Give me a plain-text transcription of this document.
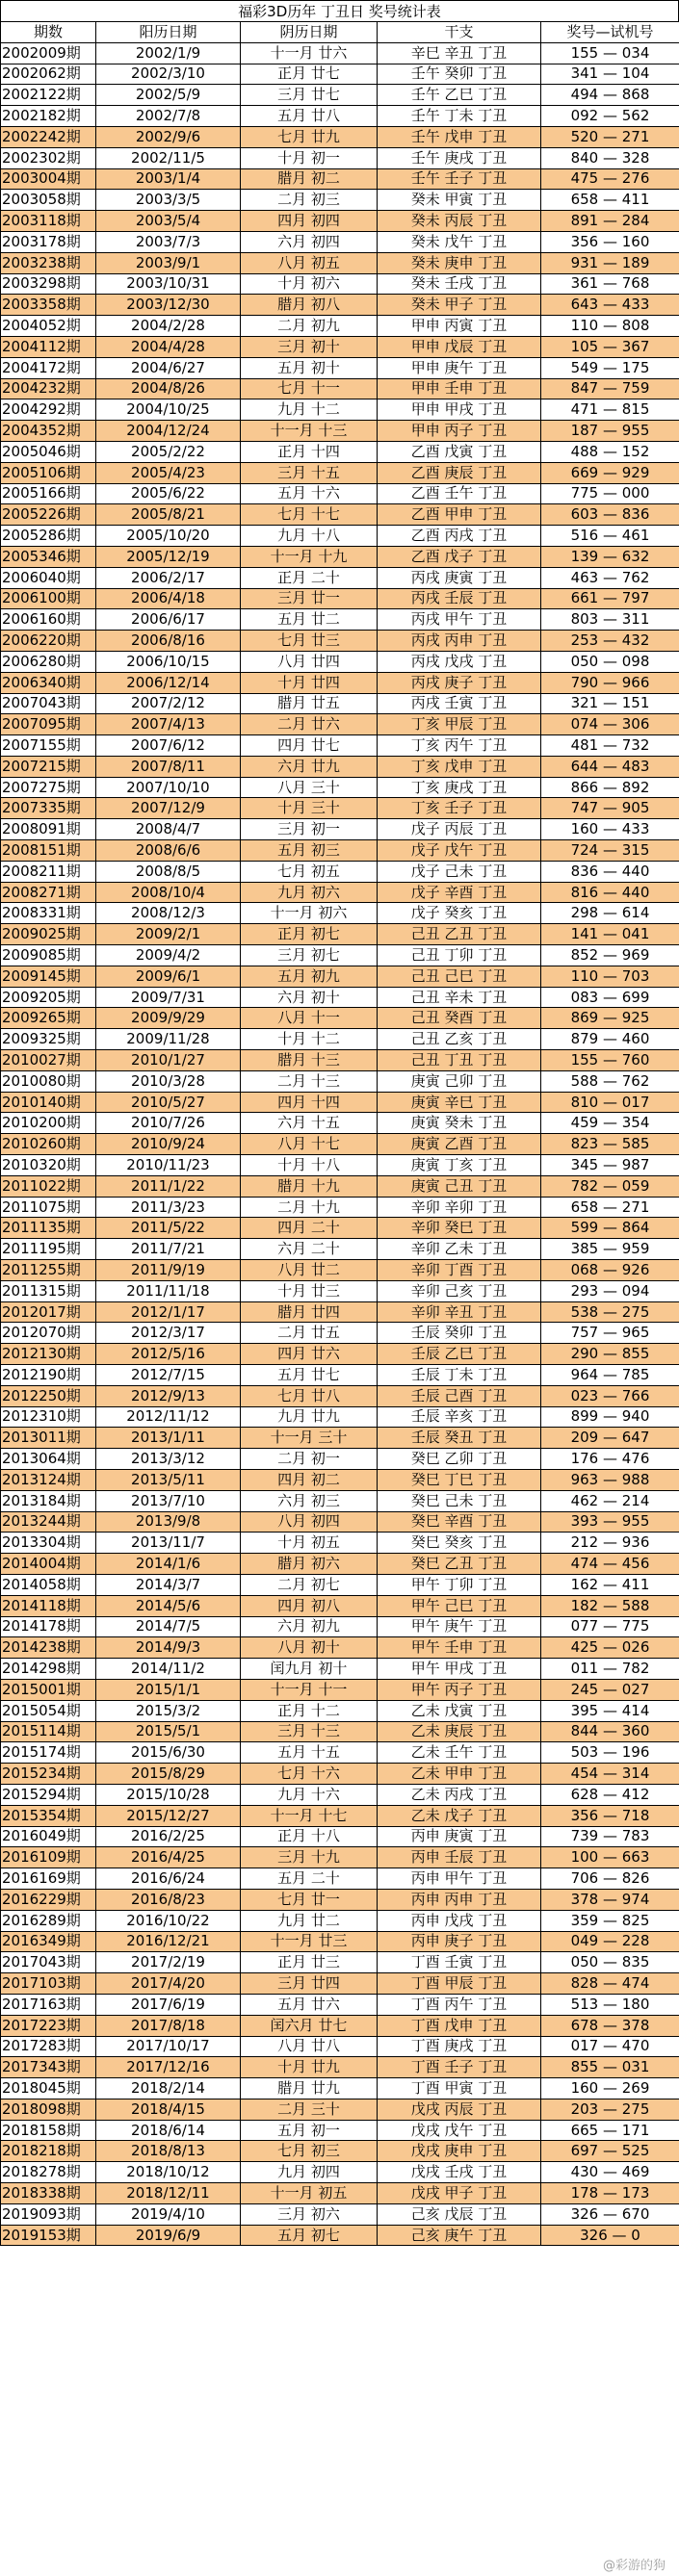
福彩3D历年 丁丑日 奖号统计表
期数	阳历日期	阴历日期	干支	奖号—试机号
2002009期	2002/1/9	十一月 廿六	辛巳 辛丑 丁丑	155 — 034
2002062期	2002/3/10	正月 廿七	壬午 癸卯 丁丑	341 — 104
2002122期	2002/5/9	三月 廿七	壬午 乙巳 丁丑	494 — 868
2002182期	2002/7/8	五月 廿八	壬午 丁未 丁丑	092 — 562
2002242期	2002/9/6	七月 廿九	壬午 戊申 丁丑	520 — 271
2002302期	2002/11/5	十月 初一	壬午 庚戌 丁丑	840 — 328
2003004期	2003/1/4	腊月 初二	壬午 壬子 丁丑	475 — 276
2003058期	2003/3/5	二月 初三	癸未 甲寅 丁丑	658 — 411
2003118期	2003/5/4	四月 初四	癸未 丙辰 丁丑	891 — 284
2003178期	2003/7/3	六月 初四	癸未 戊午 丁丑	356 — 160
2003238期	2003/9/1	八月 初五	癸未 庚申 丁丑	931 — 189
2003298期	2003/10/31	十月 初六	癸未 壬戌 丁丑	361 — 768
2003358期	2003/12/30	腊月 初八	癸未 甲子 丁丑	643 — 433
2004052期	2004/2/28	二月 初九	甲申 丙寅 丁丑	110 — 808
2004112期	2004/4/28	三月 初十	甲申 戊辰 丁丑	105 — 367
2004172期	2004/6/27	五月 初十	甲申 庚午 丁丑	549 — 175
2004232期	2004/8/26	七月 十一	甲申 壬申 丁丑	847 — 759
2004292期	2004/10/25	九月 十二	甲申 甲戌 丁丑	471 — 815
2004352期	2004/12/24	十一月 十三	甲申 丙子 丁丑	187 — 955
2005046期	2005/2/22	正月 十四	乙酉 戊寅 丁丑	488 — 152
2005106期	2005/4/23	三月 十五	乙酉 庚辰 丁丑	669 — 929
2005166期	2005/6/22	五月 十六	乙酉 壬午 丁丑	775 — 000
2005226期	2005/8/21	七月 十七	乙酉 甲申 丁丑	603 — 836
2005286期	2005/10/20	九月 十八	乙酉 丙戌 丁丑	516 — 461
2005346期	2005/12/19	十一月 十九	乙酉 戊子 丁丑	139 — 632
2006040期	2006/2/17	正月 二十	丙戌 庚寅 丁丑	463 — 762
2006100期	2006/4/18	三月 廿一	丙戌 壬辰 丁丑	661 — 797
2006160期	2006/6/17	五月 廿二	丙戌 甲午 丁丑	803 — 311
2006220期	2006/8/16	七月 廿三	丙戌 丙申 丁丑	253 — 432
2006280期	2006/10/15	八月 廿四	丙戌 戊戌 丁丑	050 — 098
2006340期	2006/12/14	十月 廿四	丙戌 庚子 丁丑	790 — 966
2007043期	2007/2/12	腊月 廿五	丙戌 壬寅 丁丑	321 — 151
2007095期	2007/4/13	二月 廿六	丁亥 甲辰 丁丑	074 — 306
2007155期	2007/6/12	四月 廿七	丁亥 丙午 丁丑	481 — 732
2007215期	2007/8/11	六月 廿九	丁亥 戊申 丁丑	644 — 483
2007275期	2007/10/10	八月 三十	丁亥 庚戌 丁丑	866 — 892
2007335期	2007/12/9	十月 三十	丁亥 壬子 丁丑	747 — 905
2008091期	2008/4/7	三月 初一	戊子 丙辰 丁丑	160 — 433
2008151期	2008/6/6	五月 初三	戊子 戊午 丁丑	724 — 315
2008211期	2008/8/5	七月 初五	戊子 己未 丁丑	836 — 440
2008271期	2008/10/4	九月 初六	戊子 辛酉 丁丑	816 — 440
2008331期	2008/12/3	十一月 初六	戊子 癸亥 丁丑	298 — 614
2009025期	2009/2/1	正月 初七	己丑 乙丑 丁丑	141 — 041
2009085期	2009/4/2	三月 初七	己丑 丁卯 丁丑	852 — 969
2009145期	2009/6/1	五月 初九	己丑 己巳 丁丑	110 — 703
2009205期	2009/7/31	六月 初十	己丑 辛未 丁丑	083 — 699
2009265期	2009/9/29	八月 十一	己丑 癸酉 丁丑	869 — 925
2009325期	2009/11/28	十月 十二	己丑 乙亥 丁丑	879 — 460
2010027期	2010/1/27	腊月 十三	己丑 丁丑 丁丑	155 — 760
2010080期	2010/3/28	二月 十三	庚寅 己卯 丁丑	588 — 762
2010140期	2010/5/27	四月 十四	庚寅 辛巳 丁丑	810 — 017
2010200期	2010/7/26	六月 十五	庚寅 癸未 丁丑	459 — 354
2010260期	2010/9/24	八月 十七	庚寅 乙酉 丁丑	823 — 585
2010320期	2010/11/23	十月 十八	庚寅 丁亥 丁丑	345 — 987
2011022期	2011/1/22	腊月 十九	庚寅 己丑 丁丑	782 — 059
2011075期	2011/3/23	二月 十九	辛卯 辛卯 丁丑	658 — 271
2011135期	2011/5/22	四月 二十	辛卯 癸巳 丁丑	599 — 864
2011195期	2011/7/21	六月 二十	辛卯 乙未 丁丑	385 — 959
2011255期	2011/9/19	八月 廿二	辛卯 丁酉 丁丑	068 — 926
2011315期	2011/11/18	十月 廿三	辛卯 己亥 丁丑	293 — 094
2012017期	2012/1/17	腊月 廿四	辛卯 辛丑 丁丑	538 — 275
2012070期	2012/3/17	二月 廿五	壬辰 癸卯 丁丑	757 — 965
2012130期	2012/5/16	四月 廿六	壬辰 乙巳 丁丑	290 — 855
2012190期	2012/7/15	五月 廿七	壬辰 丁未 丁丑	964 — 785
2012250期	2012/9/13	七月 廿八	壬辰 己酉 丁丑	023 — 766
2012310期	2012/11/12	九月 廿九	壬辰 辛亥 丁丑	899 — 940
2013011期	2013/1/11	十一月 三十	壬辰 癸丑 丁丑	209 — 647
2013064期	2013/3/12	二月 初一	癸巳 乙卯 丁丑	176 — 476
2013124期	2013/5/11	四月 初二	癸巳 丁巳 丁丑	963 — 988
2013184期	2013/7/10	六月 初三	癸巳 己未 丁丑	462 — 214
2013244期	2013/9/8	八月 初四	癸巳 辛酉 丁丑	393 — 955
2013304期	2013/11/7	十月 初五	癸巳 癸亥 丁丑	212 — 936
2014004期	2014/1/6	腊月 初六	癸巳 乙丑 丁丑	474 — 456
2014058期	2014/3/7	二月 初七	甲午 丁卯 丁丑	162 — 411
2014118期	2014/5/6	四月 初八	甲午 己巳 丁丑	182 — 588
2014178期	2014/7/5	六月 初九	甲午 庚午 丁丑	077 — 775
2014238期	2014/9/3	八月 初十	甲午 壬申 丁丑	425 — 026
2014298期	2014/11/2	闰九月 初十	甲午 甲戌 丁丑	011 — 782
2015001期	2015/1/1	十一月 十一	甲午 丙子 丁丑	245 — 027
2015054期	2015/3/2	正月 十二	乙未 戊寅 丁丑	395 — 414
2015114期	2015/5/1	三月 十三	乙未 庚辰 丁丑	844 — 360
2015174期	2015/6/30	五月 十五	乙未 壬午 丁丑	503 — 196
2015234期	2015/8/29	七月 十六	乙未 甲申 丁丑	454 — 314
2015294期	2015/10/28	九月 十六	乙未 丙戌 丁丑	628 — 412
2015354期	2015/12/27	十一月 十七	乙未 戊子 丁丑	356 — 718
2016049期	2016/2/25	正月 十八	丙申 庚寅 丁丑	739 — 783
2016109期	2016/4/25	三月 十九	丙申 壬辰 丁丑	100 — 663
2016169期	2016/6/24	五月 二十	丙申 甲午 丁丑	706 — 826
2016229期	2016/8/23	七月 廿一	丙申 丙申 丁丑	378 — 974
2016289期	2016/10/22	九月 廿二	丙申 戊戌 丁丑	359 — 825
2016349期	2016/12/21	十一月 廿三	丙申 庚子 丁丑	049 — 228
2017043期	2017/2/19	正月 廿三	丁酉 壬寅 丁丑	050 — 835
2017103期	2017/4/20	三月 廿四	丁酉 甲辰 丁丑	828 — 474
2017163期	2017/6/19	五月 廿六	丁酉 丙午 丁丑	513 — 180
2017223期	2017/8/18	闰六月 廿七	丁酉 戊申 丁丑	678 — 378
2017283期	2017/10/17	八月 廿八	丁酉 庚戌 丁丑	017 — 470
2017343期	2017/12/16	十月 廿九	丁酉 壬子 丁丑	855 — 031
2018045期	2018/2/14	腊月 廿九	丁酉 甲寅 丁丑	160 — 269
2018098期	2018/4/15	二月 三十	戊戌 丙辰 丁丑	203 — 275
2018158期	2018/6/14	五月 初一	戊戌 戊午 丁丑	665 — 171
2018218期	2018/8/13	七月 初三	戊戌 庚申 丁丑	697 — 525
2018278期	2018/10/12	九月 初四	戊戌 壬戌 丁丑	430 — 469
2018338期	2018/12/11	十一月 初五	戊戌 甲子 丁丑	178 — 173
2019093期	2019/4/10	三月 初六	己亥 戊辰 丁丑	326 — 670
2019153期	2019/6/9	五月 初七	己亥 庚午 丁丑	326 — 0
@彩游的狗
